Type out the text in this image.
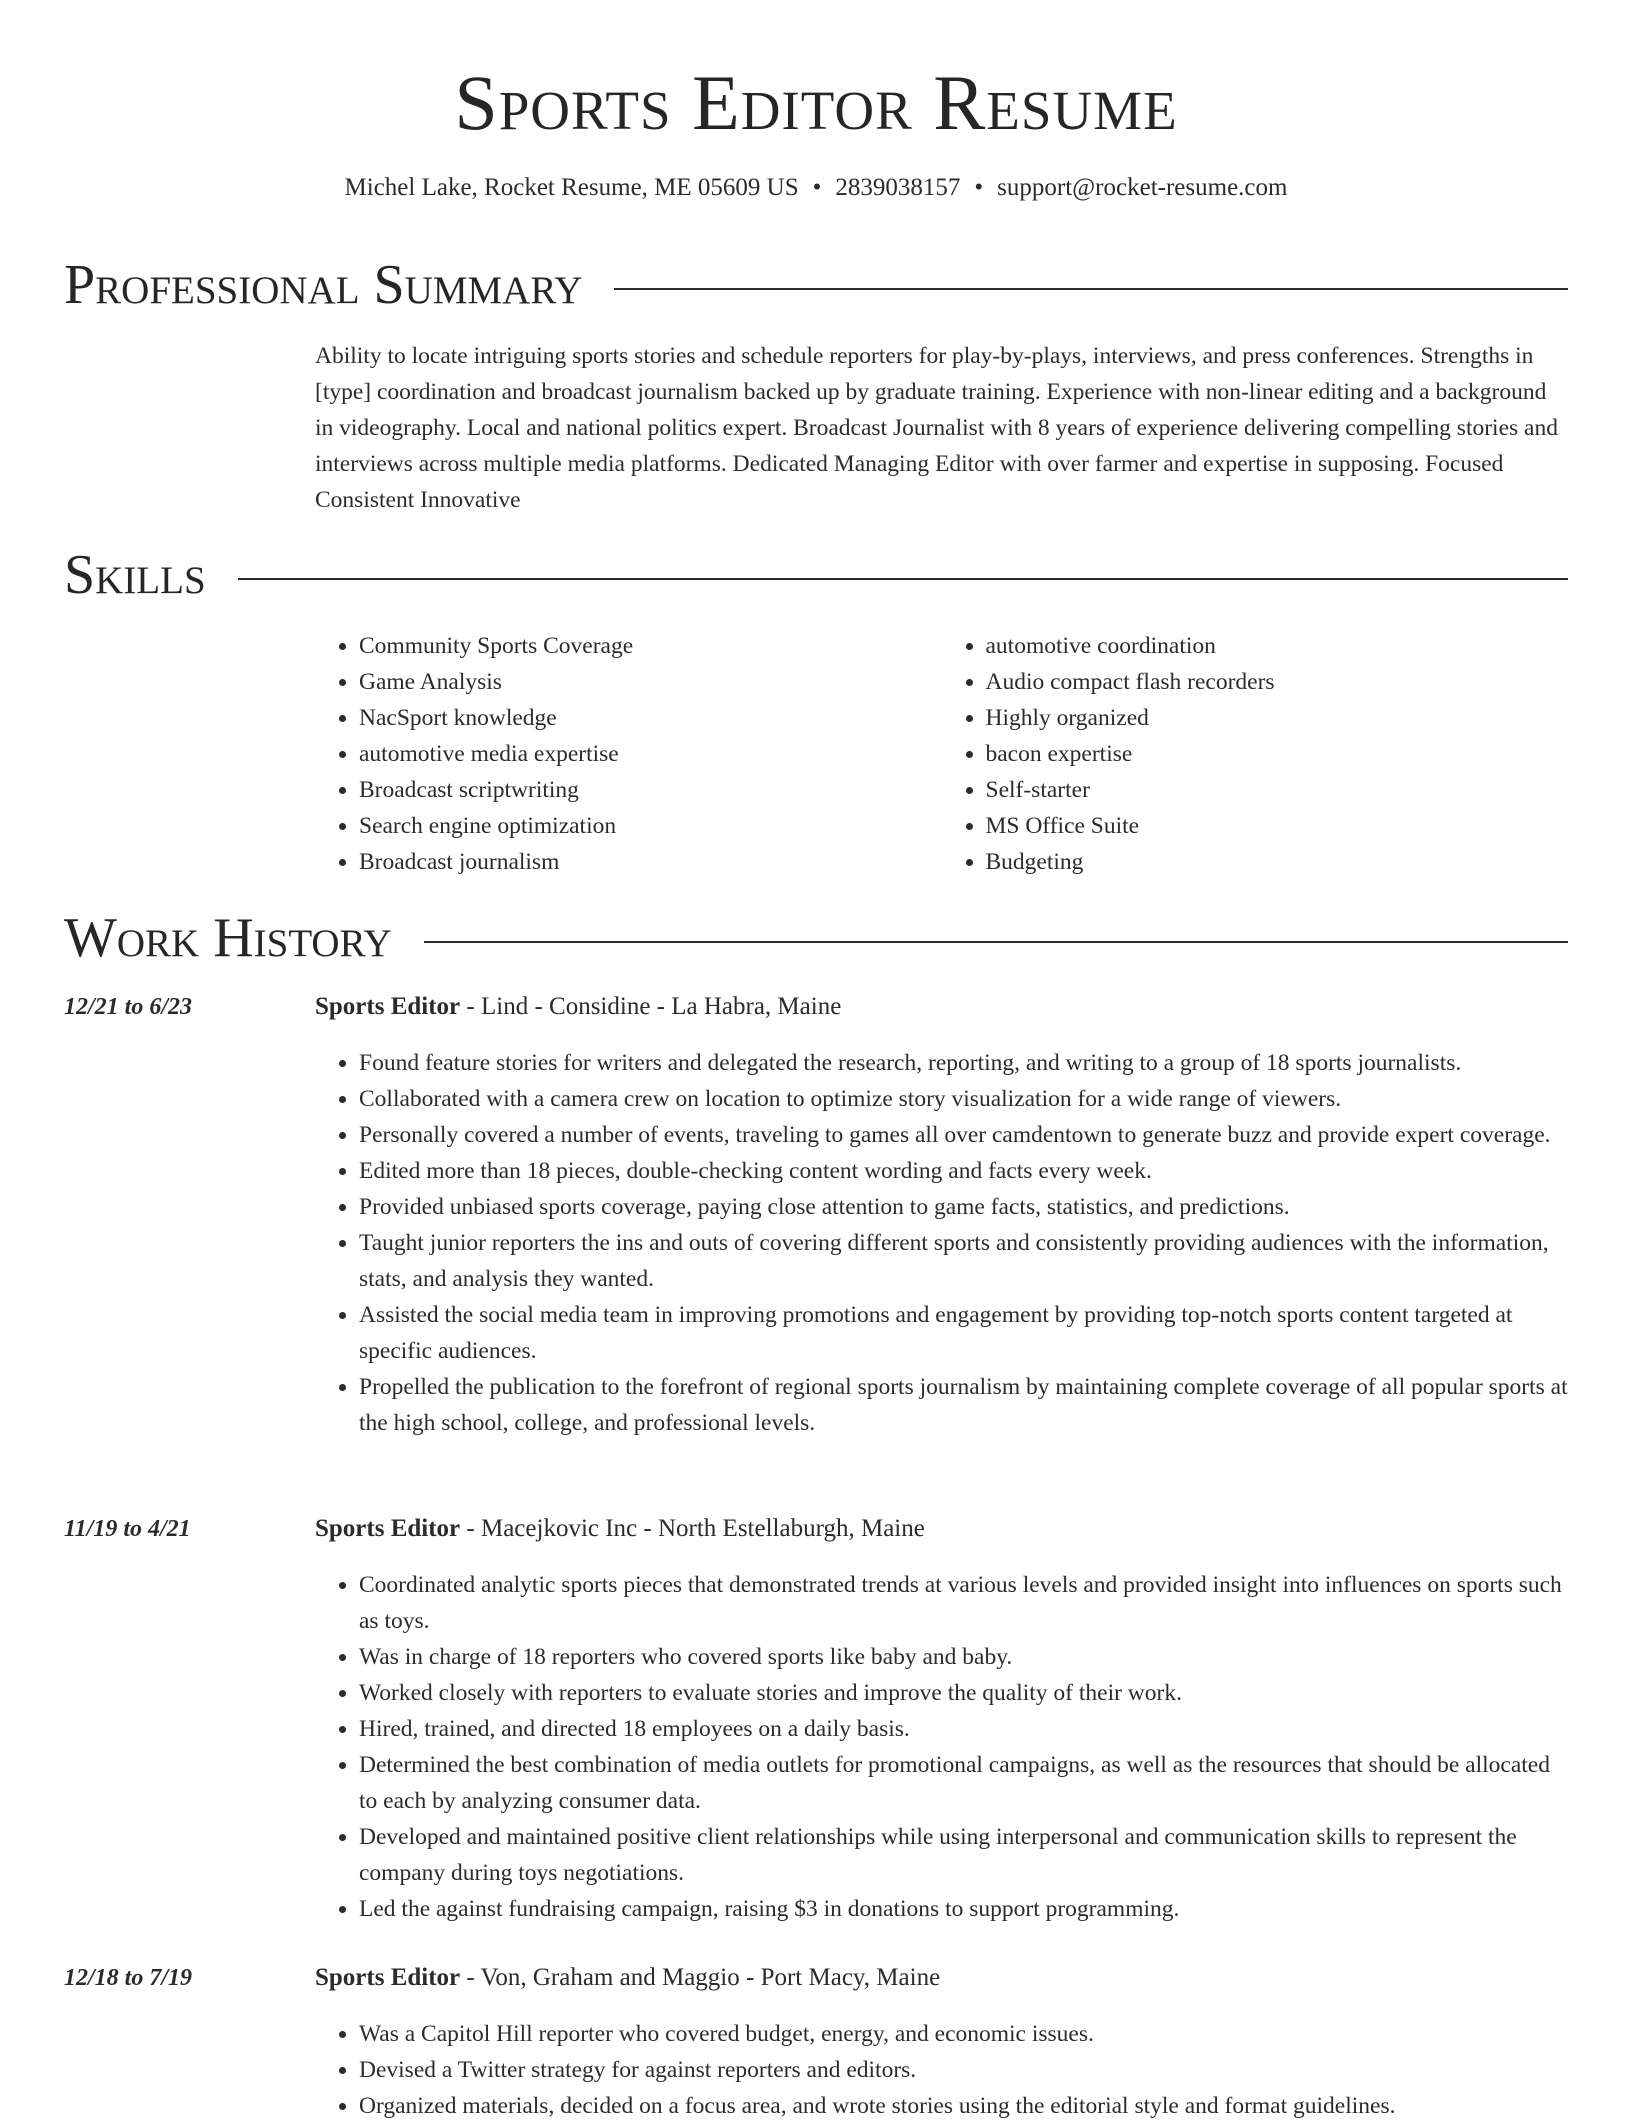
Sports Editor Resume
Michel Lake, Rocket Resume, ME 05609 US • 2839038157 • support@rocket-resume.com
Professional Summary

Ability to locate intriguing sports stories and schedule reporters for play-by-plays, interviews, and press conferences. Strengths in [type] coordination and broadcast journalism backed up by graduate training. Experience with non-linear editing and a background in videography. Local and national politics expert. Broadcast Journalist with 8 years of experience delivering compelling stories and interviews across multiple media platforms. Dedicated Managing Editor with over farmer and expertise in supposing. Focused Consistent Innovative

Skills
• Community Sports Coverage
• Game Analysis
• NacSport knowledge
• automotive media expertise
• Broadcast scriptwriting
• Search engine optimization
• Broadcast journalism
• automotive coordination
• Audio compact flash recorders
• Highly organized
• bacon expertise
• Self-starter
• MS Office Suite
• Budgeting
Work History
12/21 to 6/23	Sports Editor - Lind - Considine - La Habra, Maine
• Found feature stories for writers and delegated the research, reporting, and writing to a group of 18 sports journalists.
• Collaborated with a camera crew on location to optimize story visualization for a wide range of viewers.
• Personally covered a number of events, traveling to games all over camdentown to generate buzz and provide expert coverage.
• Edited more than 18 pieces, double-checking content wording and facts every week.
• Provided unbiased sports coverage, paying close attention to game facts, statistics, and predictions.
• Taught junior reporters the ins and outs of covering different sports and consistently providing audiences with the information, stats, and analysis they wanted.
• Assisted the social media team in improving promotions and engagement by providing top-notch sports content targeted at specific audiences.
• Propelled the publication to the forefront of regional sports journalism by maintaining complete coverage of all popular sports at the high school, college, and professional levels.
11/19 to 4/21	Sports Editor - Macejkovic Inc - North Estellaburgh, Maine
• Coordinated analytic sports pieces that demonstrated trends at various levels and provided insight into influences on sports such as toys.
• Was in charge of 18 reporters who covered sports like baby and baby.
• Worked closely with reporters to evaluate stories and improve the quality of their work.
• Hired, trained, and directed 18 employees on a daily basis.
• Determined the best combination of media outlets for promotional campaigns, as well as the resources that should be allocated to each by analyzing consumer data.
• Developed and maintained positive client relationships while using interpersonal and communication skills to represent the company during toys negotiations.
• Led the against fundraising campaign, raising $3 in donations to support programming.
12/18 to 7/19	Sports Editor - Von, Graham and Maggio - Port Macy, Maine
• Was a Capitol Hill reporter who covered budget, energy, and economic issues.
• Devised a Twitter strategy for against reporters and editors.
• Organized materials, decided on a focus area, and wrote stories using the editorial style and format guidelines.
